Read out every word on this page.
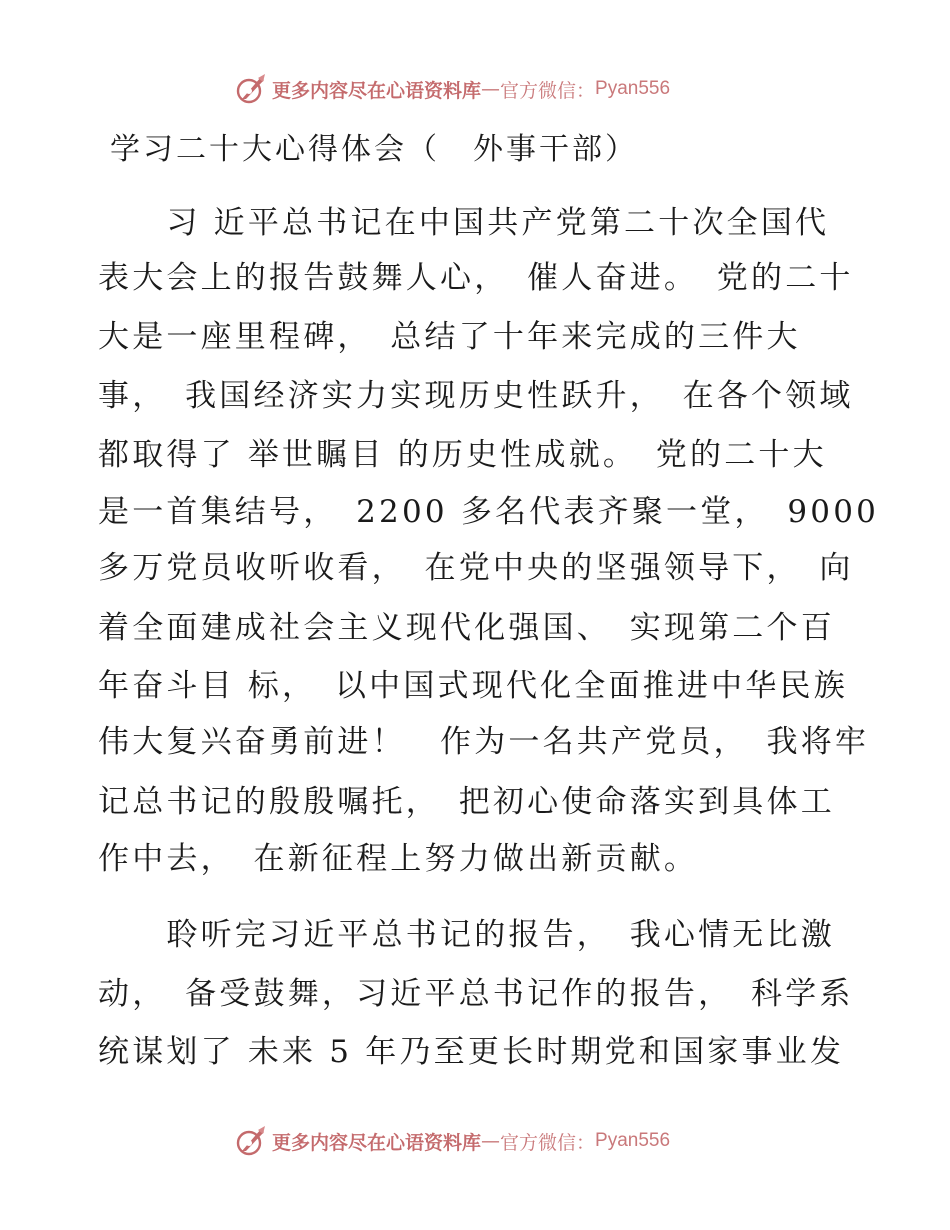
更多内容尽在心语资料库 — 官方微信： Pyan556
学习二十大心得体会（　外事干部）
　　习 近平总书记在中国共产党第二十次全国代
表大会上的报告鼓舞人心，　催人奋进。　党的二十
大是一座里程碑，　总结了十年来完成的三件大
事，　我国经济实力实现历史性跃升，　在各个领域
都取得了 举世瞩目 的历史性成就。　党的二十大
是一首集结号，　2200 多名代表齐聚一堂，　9000
多万党员收听收看，　在党中央的坚强领导下，　向
着全面建成社会主义现代化强国、　实现第二个百
年奋斗目 标，　以中国式现代化全面推进中华民族
伟大复兴奋勇前进！　作为一名共产党员，　我将牢
记总书记的殷殷嘱托，　把初心使命落实到具体工
作中去，　在新征程上努力做出新贡献。
　　聆听完习近平总书记的报告，　我心情无比激
动，　备受鼓舞，习近平总书记作的报告，　科学系
统谋划了 未来 5 年乃至更长时期党和国家事业发
更多内容尽在心语资料库 — 官方微信： Pyan556
